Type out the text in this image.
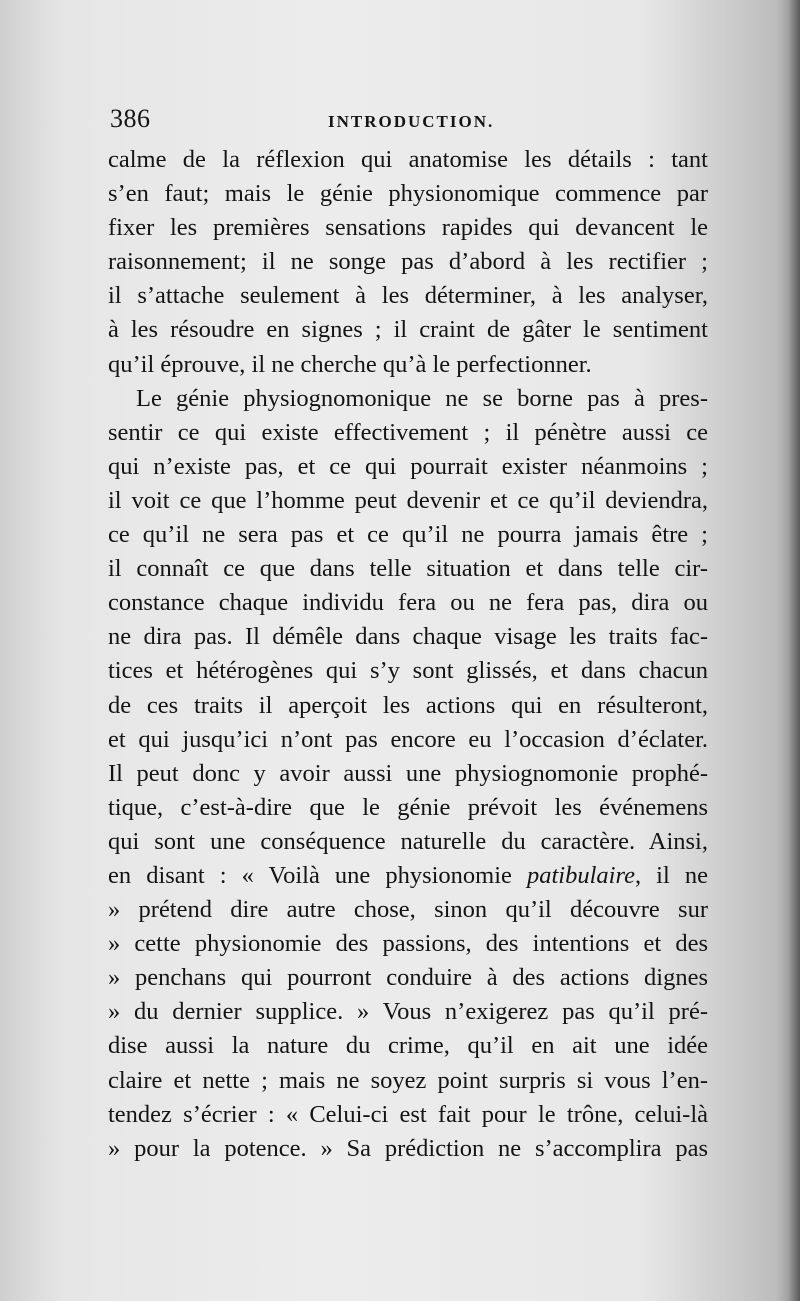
386	INTRODUCTION.
calme de la réflexion qui anatomise les détails : tant
s’en faut; mais le génie physionomique commence par
fixer les premières sensations rapides qui devancent le
raisonnement; il ne songe pas d’abord à les rectifier ;
il s’attache seulement à les déterminer, à les analyser,
à les résoudre en signes ; il craint de gâter le sentiment
qu’il éprouve, il ne cherche qu’à le perfectionner.
Le génie physiognomonique ne se borne pas à pres-
sentir ce qui existe effectivement ; il pénètre aussi ce
qui n’existe pas, et ce qui pourrait exister néanmoins ;
il voit ce que l’homme peut devenir et ce qu’il deviendra,
ce qu’il ne sera pas et ce qu’il ne pourra jamais être ;
il connaît ce que dans telle situation et dans telle cir-
constance chaque individu fera ou ne fera pas, dira ou
ne dira pas. Il démêle dans chaque visage les traits fac-
tices et hétérogènes qui s’y sont glissés, et dans chacun
de ces traits il aperçoit les actions qui en résulteront,
et qui jusqu’ici n’ont pas encore eu l’occasion d’éclater.
Il peut donc y avoir aussi une physiognomonie prophé-
tique, c’est-à-dire que le génie prévoit les événemens
qui sont une conséquence naturelle du caractère. Ainsi,
en disant : « Voilà une physionomie patibulaire, il ne
» prétend dire autre chose, sinon qu’il découvre sur
» cette physionomie des passions, des intentions et des
» penchans qui pourront conduire à des actions dignes
» du dernier supplice. » Vous n’exigerez pas qu’il pré-
dise aussi la nature du crime, qu’il en ait une idée
claire et nette ; mais ne soyez point surpris si vous l’en-
tendez s’écrier : « Celui-ci est fait pour le trône, celui-là
» pour la potence. » Sa prédiction ne s’accomplira pas
